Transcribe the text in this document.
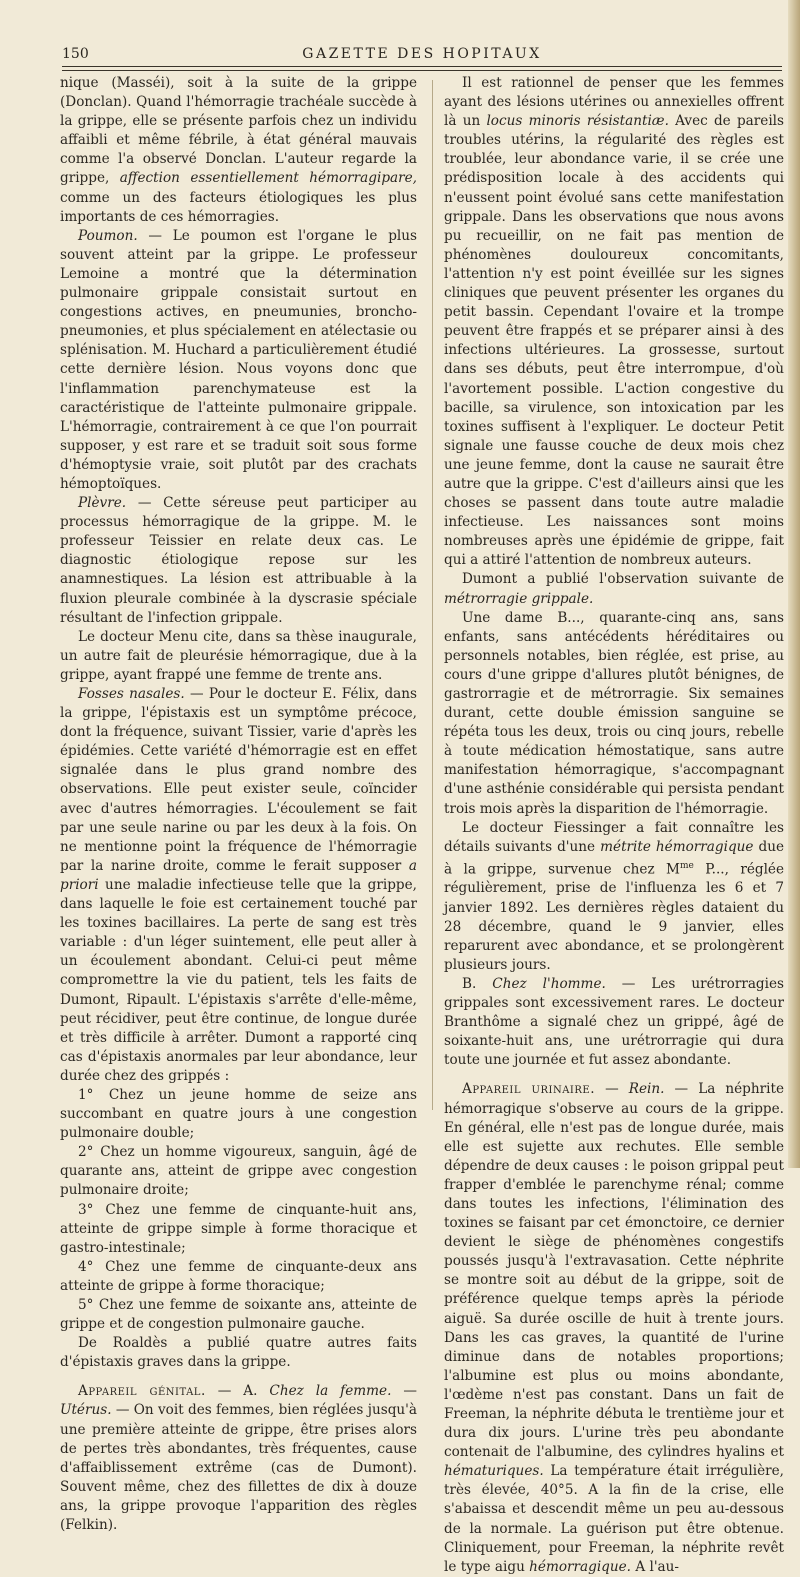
150	GAZETTE DES HOPITAUX

nique (Masséi), soit à la suite de la grippe (Donclan). Quand l'hémorragie trachéale succède à la grippe, elle se présente parfois chez un individu affaibli et même fébrile, à état général mauvais comme l'a observé Donclan. L'auteur regarde la grippe, affection essentiellement hémorragipare, comme un des facteurs étiologiques les plus importants de ces hémorragies.

Poumon. — Le poumon est l'organe le plus souvent atteint par la grippe. Le professeur Lemoine a montré que la détermination pulmonaire grippale consistait surtout en congestions actives, en pneumunies, broncho-pneumonies, et plus spécialement en atélectasie ou splénisation. M. Huchard a particulièrement étudié cette dernière lésion. Nous voyons donc que l'inflammation parenchymateuse est la caractéristique de l'atteinte pulmonaire grippale. L'hémorragie, contrairement à ce que l'on pourrait supposer, y est rare et se traduit soit sous forme d'hémoptysie vraie, soit plutôt par des crachats hémoptoïques.

Plèvre. — Cette séreuse peut participer au processus hémorragique de la grippe. M. le professeur Teissier en relate deux cas. Le diagnostic étiologique repose sur les anamnestiques. La lésion est attribuable à la fluxion pleurale combinée à la dyscrasie spéciale résultant de l'infection grippale.

Le docteur Menu cite, dans sa thèse inaugurale, un autre fait de pleurésie hémorragique, due à la grippe, ayant frappé une femme de trente ans.

Fosses nasales. — Pour le docteur E. Félix, dans la grippe, l'épistaxis est un symptôme précoce, dont la fréquence, suivant Tissier, varie d'après les épidémies. Cette variété d'hémorragie est en effet signalée dans le plus grand nombre des observations. Elle peut exister seule, coïncider avec d'autres hémorragies. L'écoulement se fait par une seule narine ou par les deux à la fois. On ne mentionne point la fréquence de l'hémorragie par la narine droite, comme le ferait supposer a priori une maladie infectieuse telle que la grippe, dans laquelle le foie est certainement touché par les toxines bacillaires. La perte de sang est très variable : d'un léger suintement, elle peut aller à un écoulement abondant. Celui-ci peut même compromettre la vie du patient, tels les faits de Dumont, Ripault. L'épistaxis s'arrête d'elle-même, peut récidiver, peut être continue, de longue durée et très difficile à arrêter. Dumont a rapporté cinq cas d'épistaxis anormales par leur abondance, leur durée chez des grippés :

1° Chez un jeune homme de seize ans succombant en quatre jours à une congestion pulmonaire double;

2° Chez un homme vigoureux, sanguin, âgé de quarante ans, atteint de grippe avec congestion pulmonaire droite;

3° Chez une femme de cinquante-huit ans, atteinte de grippe simple à forme thoracique et gastro-intestinale;

4° Chez une femme de cinquante-deux ans atteinte de grippe à forme thoracique;

5° Chez une femme de soixante ans, atteinte de grippe et de congestion pulmonaire gauche.

De Roaldès a publié quatre autres faits d'épistaxis graves dans la grippe.

Appareil génital. — A. Chez la femme. — Utérus. — On voit des femmes, bien réglées jusqu'à une première atteinte de grippe, être prises alors de pertes très abondantes, très fréquentes, cause d'affaiblissement extrême (cas de Dumont). Souvent même, chez des fillettes de dix à douze ans, la grippe provoque l'apparition des règles (Felkin).

Il est rationnel de penser que les femmes ayant des lésions utérines ou annexielles offrent là un locus minoris résistantiæ. Avec de pareils troubles utérins, la régularité des règles est troublée, leur abondance varie, il se crée une prédisposition locale à des accidents qui n'eussent point évolué sans cette manifestation grippale. Dans les observations que nous avons pu recueillir, on ne fait pas mention de phénomènes douloureux concomitants, l'attention n'y est point éveillée sur les signes cliniques que peuvent présenter les organes du petit bassin. Cependant l'ovaire et la trompe peuvent être frappés et se préparer ainsi à des infections ultérieures. La grossesse, surtout dans ses débuts, peut être interrompue, d'où l'avortement possible. L'action congestive du bacille, sa virulence, son intoxication par les toxines suffisent à l'expliquer. Le docteur Petit signale une fausse couche de deux mois chez une jeune femme, dont la cause ne saurait être autre que la grippe. C'est d'ailleurs ainsi que les choses se passent dans toute autre maladie infectieuse. Les naissances sont moins nombreuses après une épidémie de grippe, fait qui a attiré l'attention de nombreux auteurs.

Dumont a publié l'observation suivante de métrorragie grippale.

Une dame B..., quarante-cinq ans, sans enfants, sans antécédents héréditaires ou personnels notables, bien réglée, est prise, au cours d'une grippe d'allures plutôt bénignes, de gastrorragie et de métrorragie. Six semaines durant, cette double émission sanguine se répéta tous les deux, trois ou cinq jours, rebelle à toute médication hémostatique, sans autre manifestation hémorragique, s'accompagnant d'une asthénie considérable qui persista pendant trois mois après la disparition de l'hémorragie.

Le docteur Fiessinger a fait connaître les détails suivants d'une métrite hémorragique due à la grippe, survenue chez $M^{me}$ P..., réglée régulièrement, prise de l'influenza les 6 et 7 janvier 1892. Les dernières règles dataient du 28 décembre, quand le 9 janvier, elles reparurent avec abondance, et se prolongèrent plusieurs jours.

B. Chez l'homme. — Les urétrorragies grippales sont excessivement rares. Le docteur Branthôme a signalé chez un grippé, âgé de soixante-huit ans, une urétrorragie qui dura toute une journée et fut assez abondante.

Appareil urinaire. — Rein. — La néphrite hémorragique s'observe au cours de la grippe. En général, elle n'est pas de longue durée, mais elle est sujette aux rechutes. Elle semble dépendre de deux causes : le poison grippal peut frapper d'emblée le parenchyme rénal; comme dans toutes les infections, l'élimination des toxines se faisant par cet émonctoire, ce dernier devient le siège de phénomènes congestifs poussés jusqu'à l'extravasation. Cette néphrite se montre soit au début de la grippe, soit de préférence quelque temps après la période aiguë. Sa durée oscille de huit à trente jours. Dans les cas graves, la quantité de l'urine diminue dans de notables proportions; l'albumine est plus ou moins abondante, l'œdème n'est pas constant. Dans un fait de Freeman, la néphrite débuta le trentième jour et dura dix jours. L'urine très peu abondante contenait de l'albumine, des cylindres hyalins et hématuriques. La température était irrégulière, très élevée, 40°5. A la fin de la crise, elle s'abaissa et descendit même un peu au-dessous de la normale. La guérison put être obtenue. Cliniquement, pour Freeman, la néphrite revêt le type aigu hémorragique. A l'au-
